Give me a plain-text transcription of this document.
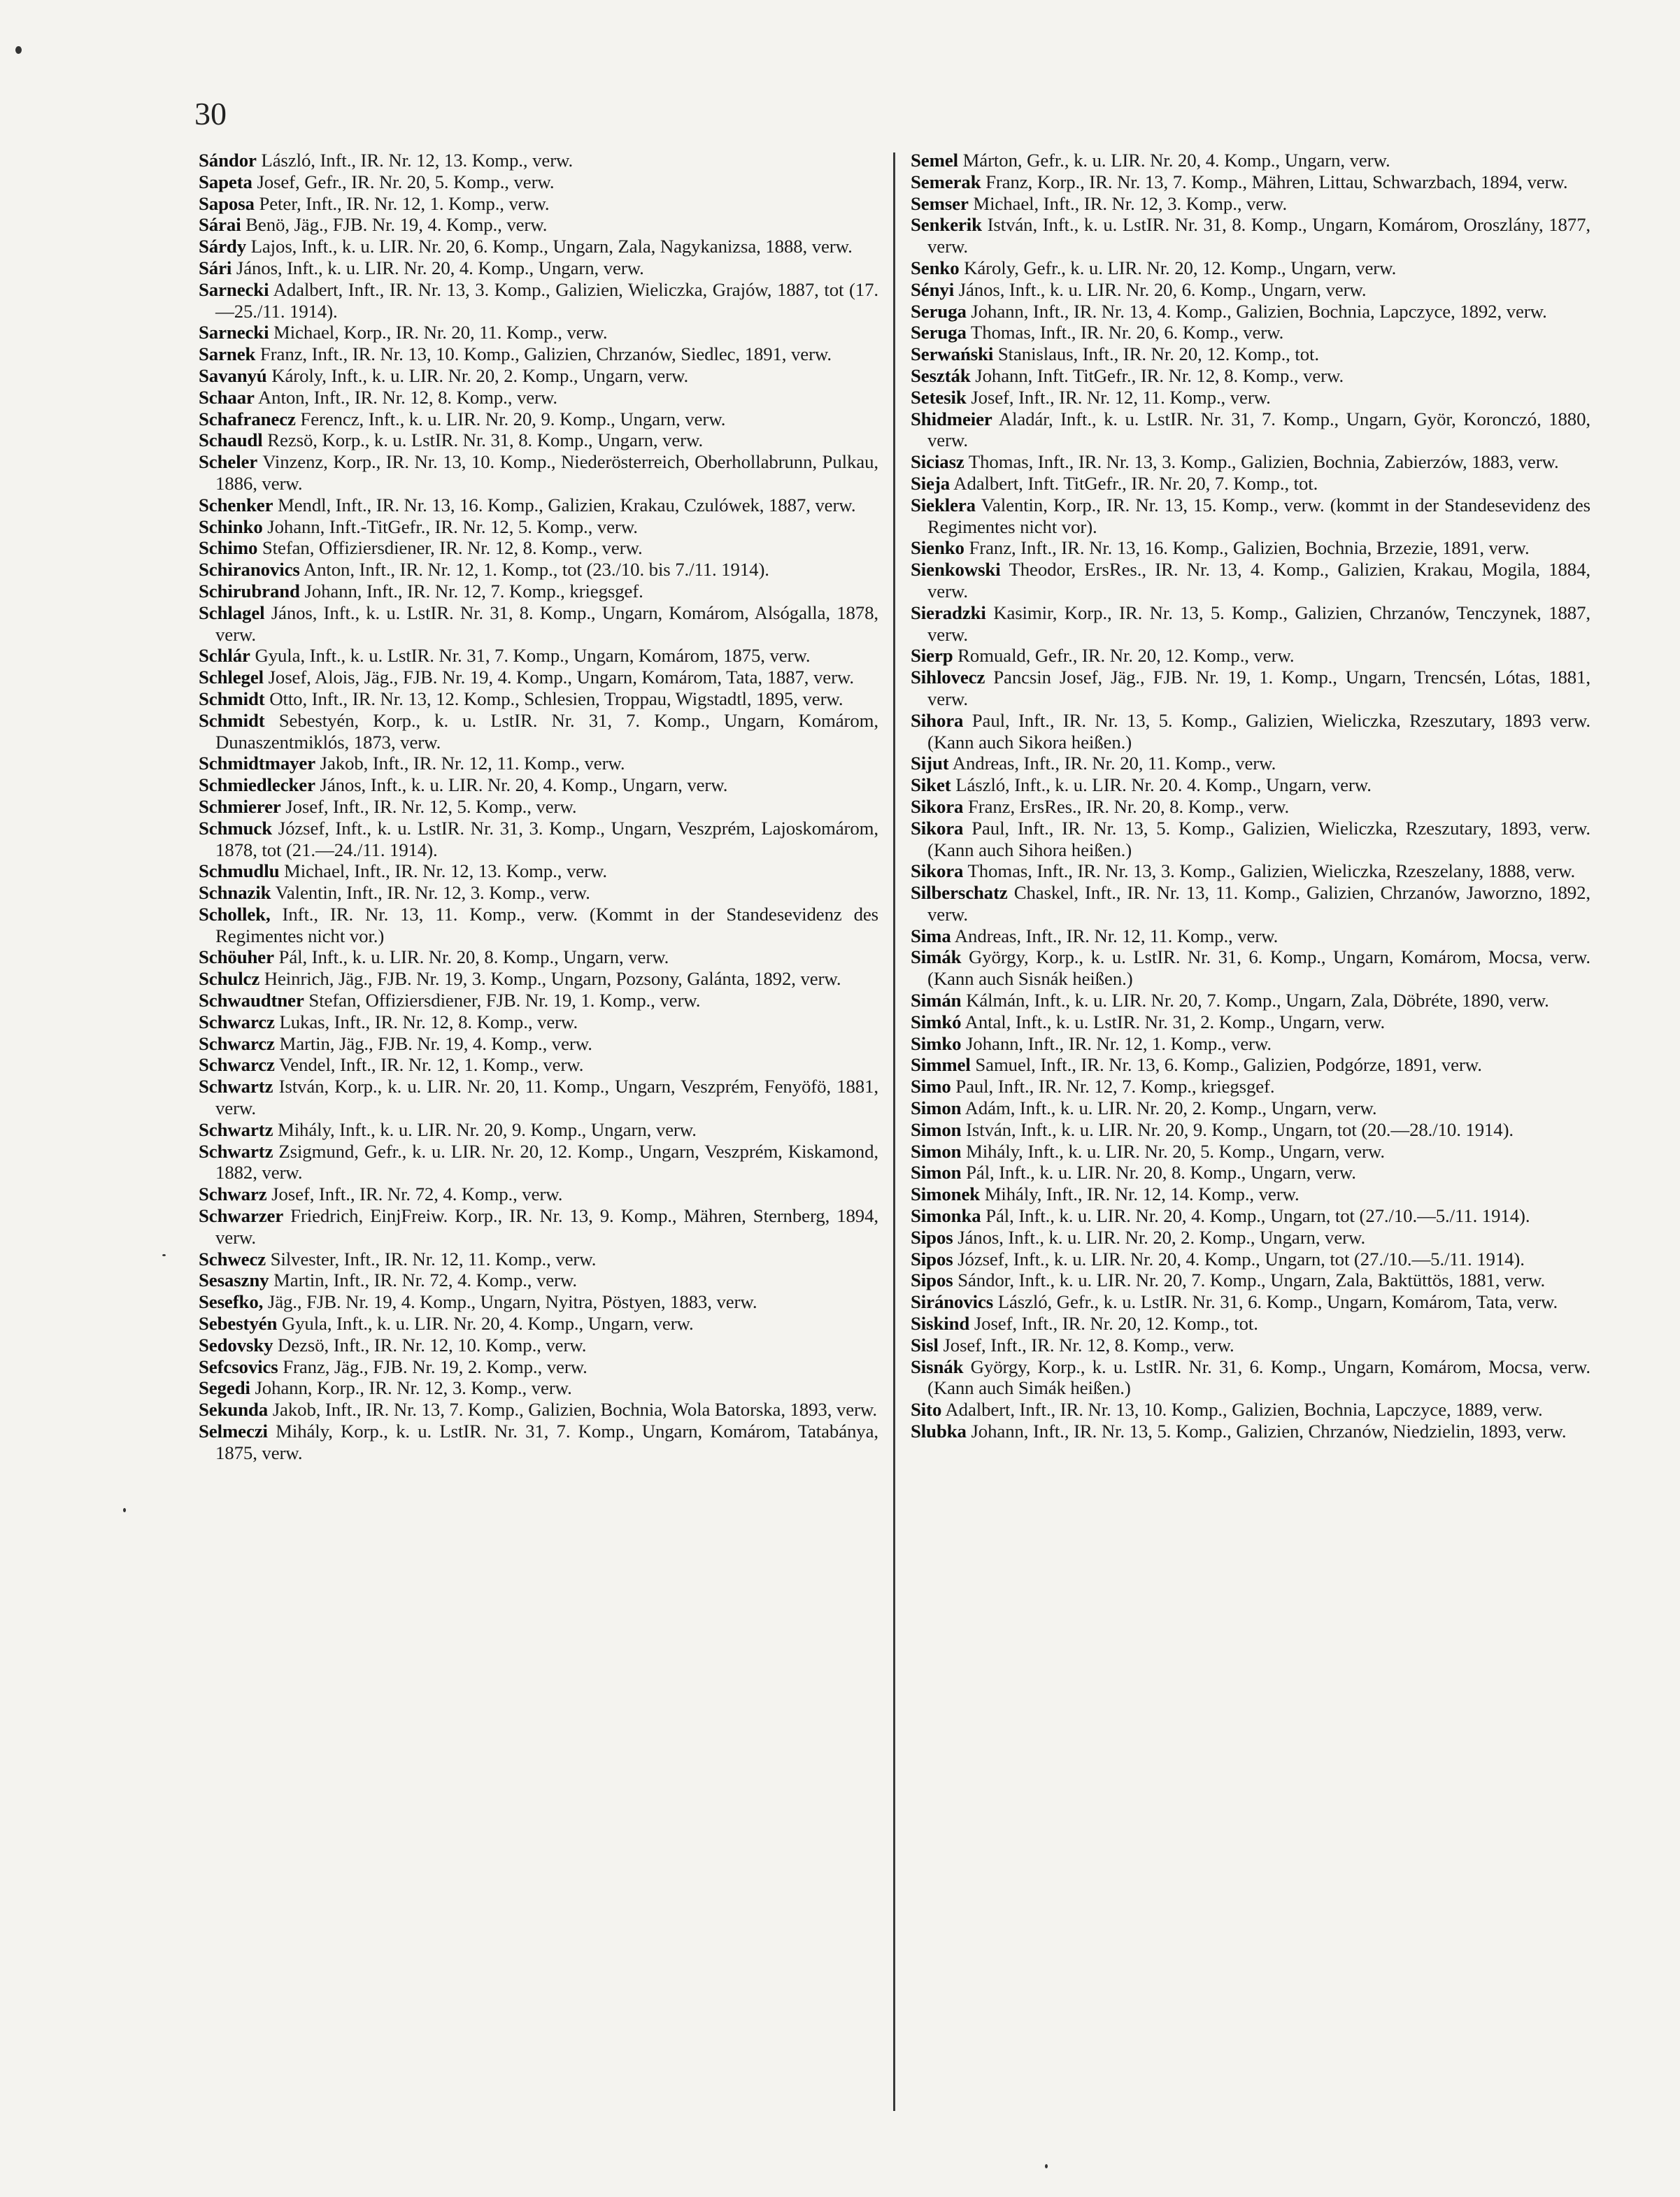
30
Sándor László, Inft., IR. Nr. 12, 13. Komp., verw.
Sapeta Josef, Gefr., IR. Nr. 20, 5. Komp., verw.
Saposa Peter, Inft., IR. Nr. 12, 1. Komp., verw.
Sárai Benö, Jäg., FJB. Nr. 19, 4. Komp., verw.
Sárdy Lajos, Inft., k. u. LIR. Nr. 20, 6. Komp., Ungarn, Zala, Nagykanizsa, 1888, verw.
Sári János, Inft., k. u. LIR. Nr. 20, 4. Komp., Ungarn, verw.
Sarnecki Adalbert, Inft., IR. Nr. 13, 3. Komp., Galizien, Wieliczka, Grajów, 1887, tot (17.—25./11. 1914).
Sarnecki Michael, Korp., IR. Nr. 20, 11. Komp., verw.
Sarnek Franz, Inft., IR. Nr. 13, 10. Komp., Galizien, Chrzanów, Siedlec, 1891, verw.
Savanyú Károly, Inft., k. u. LIR. Nr. 20, 2. Komp., Ungarn, verw.
Schaar Anton, Inft., IR. Nr. 12, 8. Komp., verw.
Schafranecz Ferencz, Inft., k. u. LIR. Nr. 20, 9. Komp., Ungarn, verw.
Schaudl Rezsö, Korp., k. u. LstIR. Nr. 31, 8. Komp., Ungarn, verw.
Scheler Vinzenz, Korp., IR. Nr. 13, 10. Komp., Niederösterreich, Oberhollabrunn, Pulkau, 1886, verw.
Schenker Mendl, Inft., IR. Nr. 13, 16. Komp., Galizien, Krakau, Czulówek, 1887, verw.
Schinko Johann, Inft.-TitGefr., IR. Nr. 12, 5. Komp., verw.
Schimo Stefan, Offiziersdiener, IR. Nr. 12, 8. Komp., verw.
Schiranovics Anton, Inft., IR. Nr. 12, 1. Komp., tot (23./10. bis 7./11. 1914).
Schirubrand Johann, Inft., IR. Nr. 12, 7. Komp., kriegsgef.
Schlagel János, Inft., k. u. LstIR. Nr. 31, 8. Komp., Ungarn, Komárom, Alsógalla, 1878, verw.
Schlár Gyula, Inft., k. u. LstIR. Nr. 31, 7. Komp., Ungarn, Komárom, 1875, verw.
Schlegel Josef, Alois, Jäg., FJB. Nr. 19, 4. Komp., Ungarn, Komárom, Tata, 1887, verw.
Schmidt Otto, Inft., IR. Nr. 13, 12. Komp., Schlesien, Troppau, Wigstadtl, 1895, verw.
Schmidt Sebestyén, Korp., k. u. LstIR. Nr. 31, 7. Komp., Ungarn, Komárom, Dunaszentmiklós, 1873, verw.
Schmidtmayer Jakob, Inft., IR. Nr. 12, 11. Komp., verw.
Schmiedlecker János, Inft., k. u. LIR. Nr. 20, 4. Komp., Ungarn, verw.
Schmierer Josef, Inft., IR. Nr. 12, 5. Komp., verw.
Schmuck József, Inft., k. u. LstIR. Nr. 31, 3. Komp., Ungarn, Veszprém, Lajoskomárom, 1878, tot (21.—24./11. 1914).
Schmudlu Michael, Inft., IR. Nr. 12, 13. Komp., verw.
Schnazik Valentin, Inft., IR. Nr. 12, 3. Komp., verw.
Schollek, Inft., IR. Nr. 13, 11. Komp., verw. (Kommt in der Standesevidenz des Regimentes nicht vor.)
Schöuher Pál, Inft., k. u. LIR. Nr. 20, 8. Komp., Ungarn, verw.
Schulcz Heinrich, Jäg., FJB. Nr. 19, 3. Komp., Ungarn, Pozsony, Galánta, 1892, verw.
Schwaudtner Stefan, Offiziersdiener, FJB. Nr. 19, 1. Komp., verw.
Schwarcz Lukas, Inft., IR. Nr. 12, 8. Komp., verw.
Schwarcz Martin, Jäg., FJB. Nr. 19, 4. Komp., verw.
Schwarcz Vendel, Inft., IR. Nr. 12, 1. Komp., verw.
Schwartz István, Korp., k. u. LIR. Nr. 20, 11. Komp., Ungarn, Veszprém, Fenyöfö, 1881, verw.
Schwartz Mihály, Inft., k. u. LIR. Nr. 20, 9. Komp., Ungarn, verw.
Schwartz Zsigmund, Gefr., k. u. LIR. Nr. 20, 12. Komp., Ungarn, Veszprém, Kiskamond, 1882, verw.
Schwarz Josef, Inft., IR. Nr. 72, 4. Komp., verw.
Schwarzer Friedrich, EinjFreiw. Korp., IR. Nr. 13, 9. Komp., Mähren, Sternberg, 1894, verw.
Schwecz Silvester, Inft., IR. Nr. 12, 11. Komp., verw.
Sesaszny Martin, Inft., IR. Nr. 72, 4. Komp., verw.
Sesefko, Jäg., FJB. Nr. 19, 4. Komp., Ungarn, Nyitra, Pöstyen, 1883, verw.
Sebestyén Gyula, Inft., k. u. LIR. Nr. 20, 4. Komp., Ungarn, verw.
Sedovsky Dezsö, Inft., IR. Nr. 12, 10. Komp., verw.
Sefcsovics Franz, Jäg., FJB. Nr. 19, 2. Komp., verw.
Segedi Johann, Korp., IR. Nr. 12, 3. Komp., verw.
Sekunda Jakob, Inft., IR. Nr. 13, 7. Komp., Galizien, Bochnia, Wola Batorska, 1893, verw.
Selmeczi Mihály, Korp., k. u. LstIR. Nr. 31, 7. Komp., Ungarn, Komárom, Tatabánya, 1875, verw.
Semel Márton, Gefr., k. u. LIR. Nr. 20, 4. Komp., Ungarn, verw.
Semerak Franz, Korp., IR. Nr. 13, 7. Komp., Mähren, Littau, Schwarzbach, 1894, verw.
Semser Michael, Inft., IR. Nr. 12, 3. Komp., verw.
Senkerik István, Inft., k. u. LstIR. Nr. 31, 8. Komp., Ungarn, Komárom, Oroszlány, 1877, verw.
Senko Károly, Gefr., k. u. LIR. Nr. 20, 12. Komp., Ungarn, verw.
Sényi János, Inft., k. u. LIR. Nr. 20, 6. Komp., Ungarn, verw.
Seruga Johann, Inft., IR. Nr. 13, 4. Komp., Galizien, Bochnia, Lapczyce, 1892, verw.
Seruga Thomas, Inft., IR. Nr. 20, 6. Komp., verw.
Serwański Stanislaus, Inft., IR. Nr. 20, 12. Komp., tot.
Seszták Johann, Inft. TitGefr., IR. Nr. 12, 8. Komp., verw.
Setesik Josef, Inft., IR. Nr. 12, 11. Komp., verw.
Shidmeier Aladár, Inft., k. u. LstIR. Nr. 31, 7. Komp., Ungarn, Györ, Koronczó, 1880, verw.
Siciasz Thomas, Inft., IR. Nr. 13, 3. Komp., Galizien, Bochnia, Zabierzów, 1883, verw.
Sieja Adalbert, Inft. TitGefr., IR. Nr. 20, 7. Komp., tot.
Sieklera Valentin, Korp., IR. Nr. 13, 15. Komp., verw. (kommt in der Standesevidenz des Regimentes nicht vor).
Sienko Franz, Inft., IR. Nr. 13, 16. Komp., Galizien, Bochnia, Brzezie, 1891, verw.
Sienkowski Theodor, ErsRes., IR. Nr. 13, 4. Komp., Galizien, Krakau, Mogila, 1884, verw.
Sieradzki Kasimir, Korp., IR. Nr. 13, 5. Komp., Galizien, Chrzanów, Tenczynek, 1887, verw.
Sierp Romuald, Gefr., IR. Nr. 20, 12. Komp., verw.
Sihlovecz Pancsin Josef, Jäg., FJB. Nr. 19, 1. Komp., Ungarn, Trencsén, Lótas, 1881, verw.
Sihora Paul, Inft., IR. Nr. 13, 5. Komp., Galizien, Wieliczka, Rzeszutary, 1893 verw. (Kann auch Sikora heißen.)
Sijut Andreas, Inft., IR. Nr. 20, 11. Komp., verw.
Siket László, Inft., k. u. LIR. Nr. 20. 4. Komp., Ungarn, verw.
Sikora Franz, ErsRes., IR. Nr. 20, 8. Komp., verw.
Sikora Paul, Inft., IR. Nr. 13, 5. Komp., Galizien, Wieliczka, Rzeszutary, 1893, verw. (Kann auch Sihora heißen.)
Sikora Thomas, Inft., IR. Nr. 13, 3. Komp., Galizien, Wieliczka, Rzeszelany, 1888, verw.
Silberschatz Chaskel, Inft., IR. Nr. 13, 11. Komp., Galizien, Chrzanów, Jaworzno, 1892, verw.
Sima Andreas, Inft., IR. Nr. 12, 11. Komp., verw.
Simák György, Korp., k. u. LstIR. Nr. 31, 6. Komp., Ungarn, Komárom, Mocsa, verw. (Kann auch Sisnák heißen.)
Simán Kálmán, Inft., k. u. LIR. Nr. 20, 7. Komp., Ungarn, Zala, Döbréte, 1890, verw.
Simkó Antal, Inft., k. u. LstIR. Nr. 31, 2. Komp., Ungarn, verw.
Simko Johann, Inft., IR. Nr. 12, 1. Komp., verw.
Simmel Samuel, Inft., IR. Nr. 13, 6. Komp., Galizien, Podgórze, 1891, verw.
Simo Paul, Inft., IR. Nr. 12, 7. Komp., kriegsgef.
Simon Adám, Inft., k. u. LIR. Nr. 20, 2. Komp., Ungarn, verw.
Simon István, Inft., k. u. LIR. Nr. 20, 9. Komp., Ungarn, tot (20.—28./10. 1914).
Simon Mihály, Inft., k. u. LIR. Nr. 20, 5. Komp., Ungarn, verw.
Simon Pál, Inft., k. u. LIR. Nr. 20, 8. Komp., Ungarn, verw.
Simonek Mihály, Inft., IR. Nr. 12, 14. Komp., verw.
Simonka Pál, Inft., k. u. LIR. Nr. 20, 4. Komp., Ungarn, tot (27./10.—5./11. 1914).
Sipos János, Inft., k. u. LIR. Nr. 20, 2. Komp., Ungarn, verw.
Sipos József, Inft., k. u. LIR. Nr. 20, 4. Komp., Ungarn, tot (27./10.—5./11. 1914).
Sipos Sándor, Inft., k. u. LIR. Nr. 20, 7. Komp., Ungarn, Zala, Baktüttös, 1881, verw.
Siránovics László, Gefr., k. u. LstIR. Nr. 31, 6. Komp., Ungarn, Komárom, Tata, verw.
Siskind Josef, Inft., IR. Nr. 20, 12. Komp., tot.
Sisl Josef, Inft., IR. Nr. 12, 8. Komp., verw.
Sisnák György, Korp., k. u. LstIR. Nr. 31, 6. Komp., Ungarn, Komárom, Mocsa, verw. (Kann auch Simák heißen.)
Sito Adalbert, Inft., IR. Nr. 13, 10. Komp., Galizien, Bochnia, Lapczyce, 1889, verw.
Slubka Johann, Inft., IR. Nr. 13, 5. Komp., Galizien, Chrzanów, Niedzielin, 1893, verw.
